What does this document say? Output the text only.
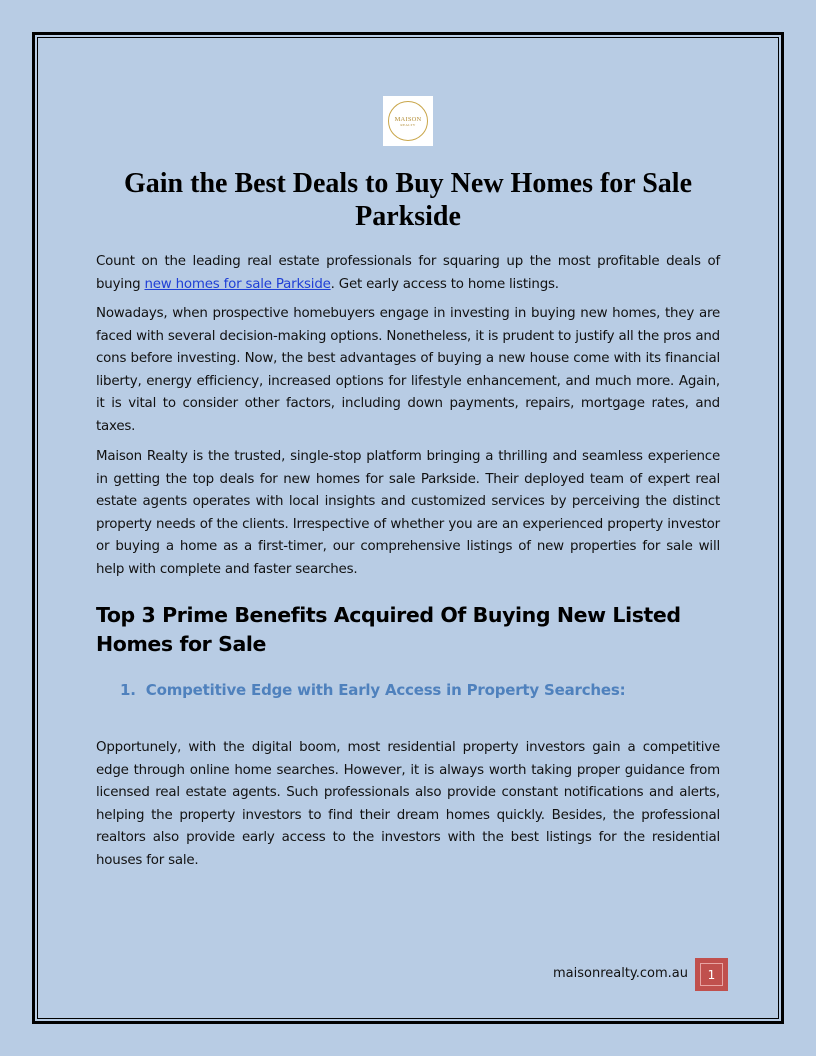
MAISON
REALTY
Gain the Best Deals to Buy New Homes for Sale Parkside

Count on the leading real estate professionals for squaring up the most profitable deals of buying new homes for sale Parkside. Get early access to home listings.

Nowadays, when prospective homebuyers engage in investing in buying new homes, they are faced with several decision-making options. Nonetheless, it is prudent to justify all the pros and cons before investing. Now, the best advantages of buying a new house come with its financial liberty, energy efficiency, increased options for lifestyle enhancement, and much more. Again, it is vital to consider other factors, including down payments, repairs, mortgage rates, and taxes.

Maison Realty is the trusted, single-stop platform bringing a thrilling and seamless experience in getting the top deals for new homes for sale Parkside. Their deployed team of expert real estate agents operates with local insights and customized services by perceiving the distinct property needs of the clients. Irrespective of whether you are an experienced property investor or buying a home as a first-timer, our comprehensive listings of new properties for sale will help with complete and faster searches.

Top 3 Prime Benefits Acquired Of Buying New Listed Homes for Sale
1. Competitive Edge with Early Access in Property Searches:

Opportunely, with the digital boom, most residential property investors gain a competitive edge through online home searches. However, it is always worth taking proper guidance from licensed real estate agents. Such professionals also provide constant notifications and alerts, helping the property investors to find their dream homes quickly. Besides, the professional realtors also provide early access to the investors with the best listings for the residential houses for sale.

maisonrealty.com.au	1
